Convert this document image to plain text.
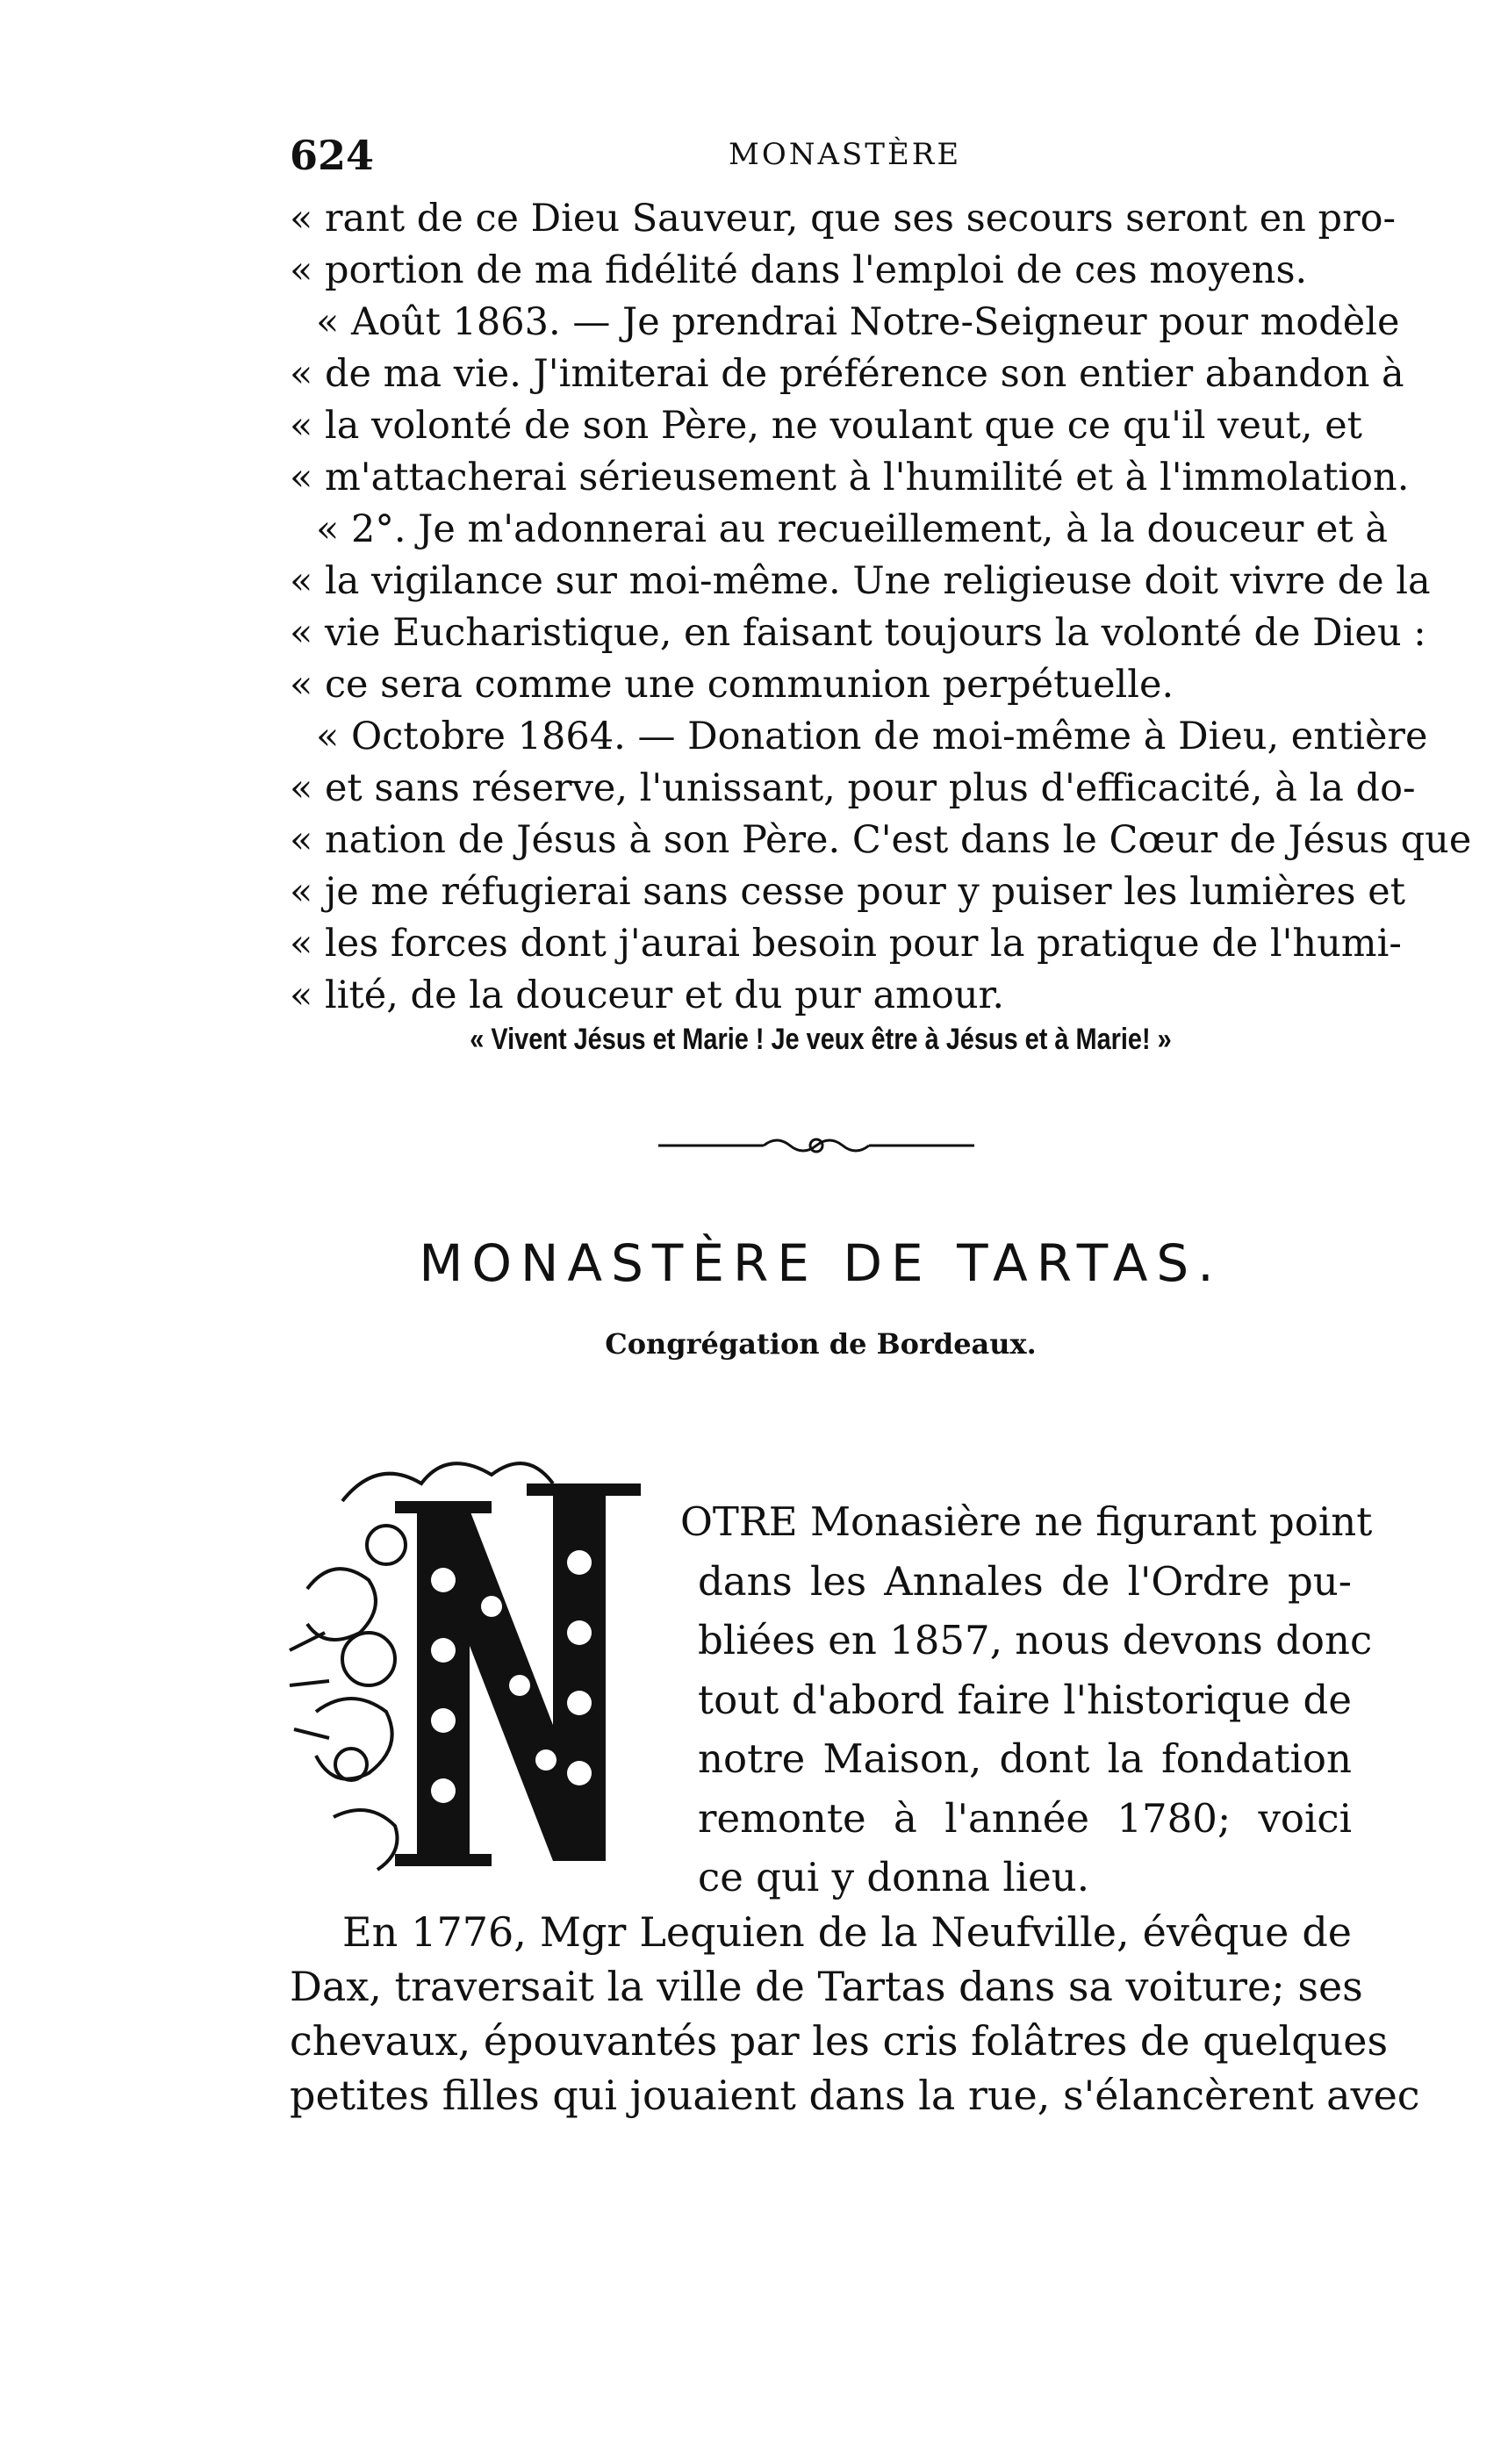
624	MONASTÈRE
« rant de ce Dieu Sauveur, que ses secours seront en pro-
« portion de ma fidélité dans l'emploi de ces moyens.
« Août 1863. — Je prendrai Notre-Seigneur pour modèle
« de ma vie. J'imiterai de préférence son entier abandon à
« la volonté de son Père, ne voulant que ce qu'il veut, et
« m'attacherai sérieusement à l'humilité et à l'immolation.
« 2°. Je m'adonnerai au recueillement, à la douceur et à
« la vigilance sur moi-même. Une religieuse doit vivre de la
« vie Eucharistique, en faisant toujours la volonté de Dieu :
« ce sera comme une communion perpétuelle.
« Octobre 1864. — Donation de moi-même à Dieu, entière
« et sans réserve, l'unissant, pour plus d'efficacité, à la do-
« nation de Jésus à son Père. C'est dans le Cœur de Jésus que
« je me réfugierai sans cesse pour y puiser les lumières et
« les forces dont j'aurai besoin pour la pratique de l'humi-
« lité, de la douceur et du pur amour.
« Vivent Jésus et Marie ! Je veux être à Jésus et à Marie! »
MONASTÈRE DE TARTAS.
Congrégation de Bordeaux.
N	OTRE Monasière ne figurant point
dans les Annales de l'Ordre pu-
bliées en 1857, nous devons donc
tout d'abord faire l'historique de
notre Maison, dont la fondation
remonte à l'année 1780; voici
ce qui y donna lieu.
En 1776, Mgr Lequien de la Neufville, évêque de
Dax, traversait la ville de Tartas dans sa voiture; ses
chevaux, épouvantés par les cris folâtres de quelques
petites filles qui jouaient dans la rue, s'élancèrent avec
